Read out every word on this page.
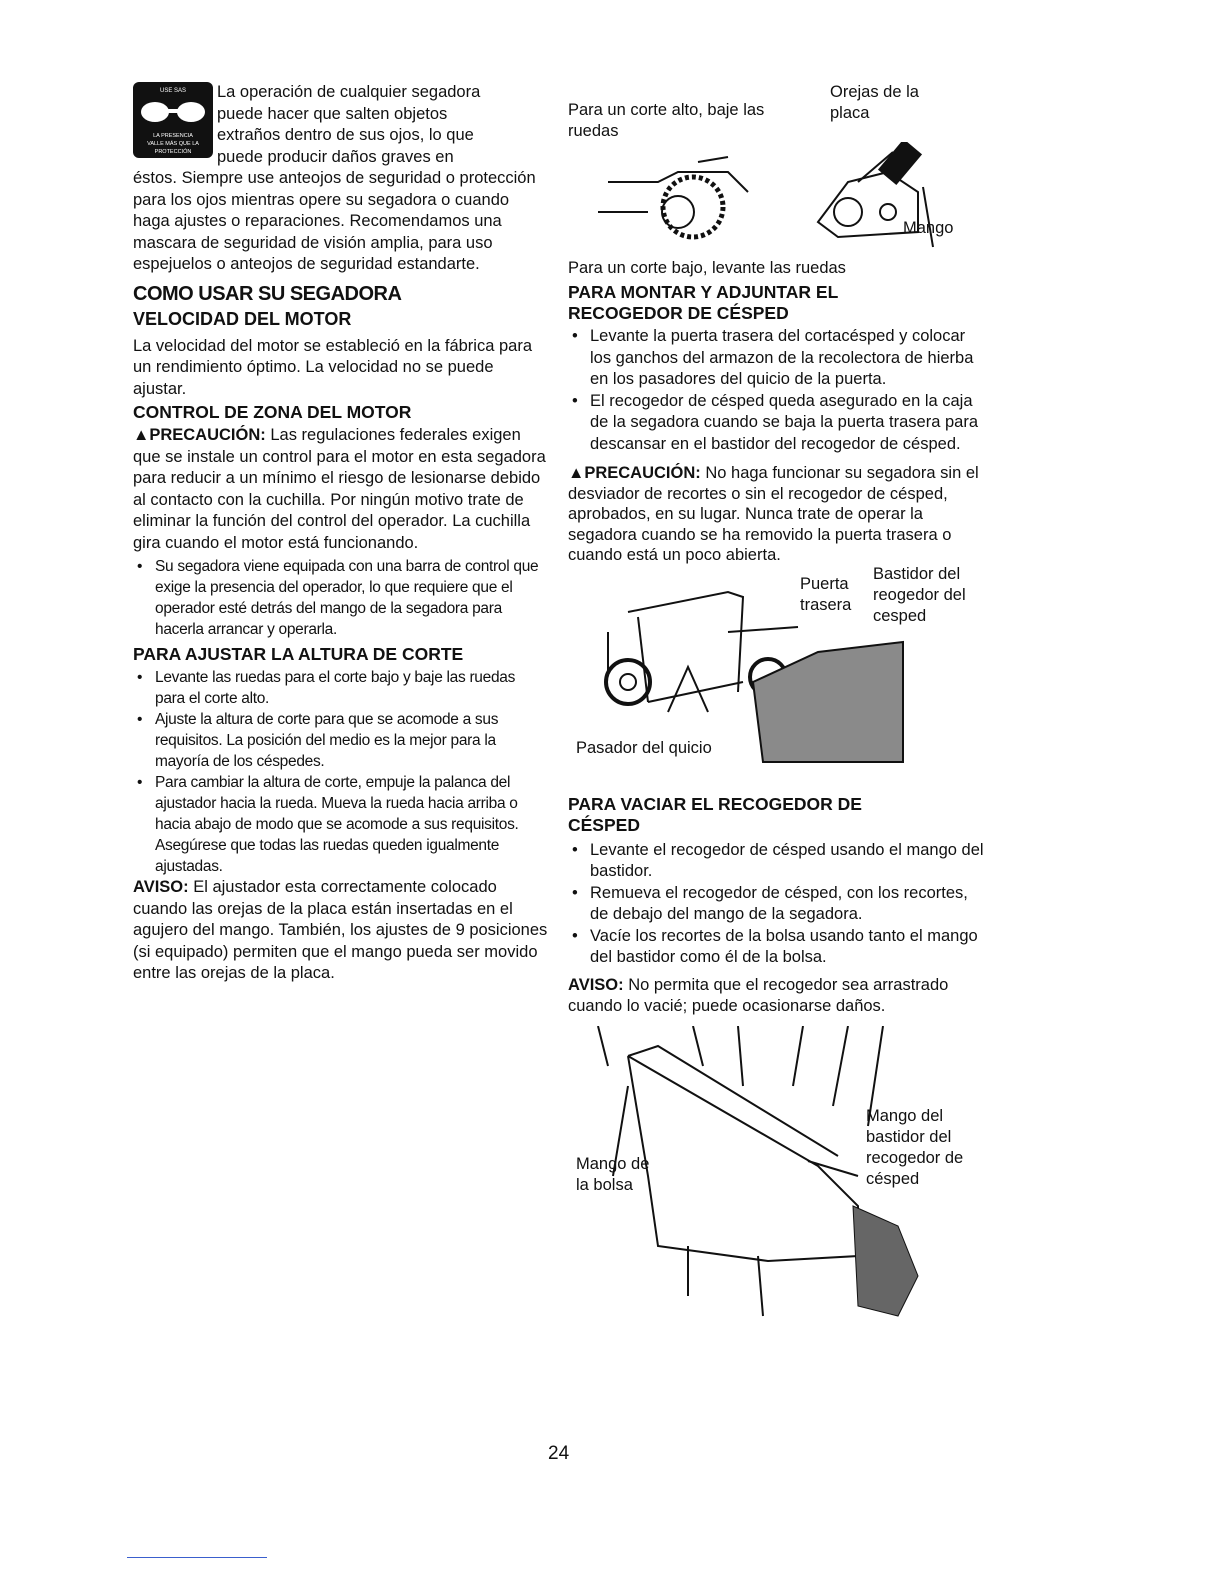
USE SAS
LA PRESENCIA
VALLE MÁS QUE LA
PROTECCIÓN

La operación de cualquier segadora
puede hacer que salten objetos
extraños dentro de sus ojos, lo que
puede producir daños graves en
éstos. Siempre use anteojos de seguridad o protección para los ojos mientras opere su segadora o cuando haga ajustes o reparaciones. Recomendamos una mascara de seguridad de visión amplia, para uso espejuelos o anteojos de seguridad estandarte.

COMO USAR SU SEGADORA
VELOCIDAD DEL MOTOR

La velocidad del motor se estableció en la fábrica para un rendimiento óptimo. La velocidad no se puede ajustar.

CONTROL DE ZONA DEL MOTOR

▲PRECAUCIÓN: Las regulaciones federales exigen que se instale un control para el motor en esta segadora para reducir a un mínimo el riesgo de lesionarse debido al contacto con la cuchilla. Por ningún motivo trate de eliminar la función del control del operador. La cuchilla gira cuando el motor está funcionando.

• Su segadora viene equipada con una barra de control que exige la presencia del operador, lo que requiere que el operador esté detrás del mango de la segadora para hacerla arrancar y operarla.
PARA AJUSTAR LA ALTURA DE CORTE
• Levante las ruedas para el corte bajo y baje las ruedas para el corte alto.
• Ajuste la altura de corte para que se acomode a sus requisitos. La posición del medio es la mejor para la mayoría de los céspedes.
• Para cambiar la altura de corte, empuje la palanca del ajustador hacia la rueda. Mueva la rueda hacia arriba o hacia abajo de modo que se acomode a sus requisitos. Asegúrese que todas las ruedas queden igualmente ajustadas.

AVISO: El ajustador esta correctamente colocado cuando las orejas de la placa están insertadas en el agujero del mango. También, los ajustes de 9 posiciones (si equipado) permiten que el mango pueda ser movido entre las orejas de la placa.

Para un corte alto, baje las ruedas
Orejas de la placa
Mango
Para un corte bajo, levante las ruedas
PARA MONTAR Y ADJUNTAR EL
RECOGEDOR DE CÉSPED
• Levante la puerta trasera del cortacésped y colocar los ganchos del armazon de la recolectora de hierba en los pasadores del quicio de la puerta.
• El recogedor de césped queda asegurado en la caja de la segadora cuando se baja la puerta trasera para descansar en el bastidor del recogedor de césped.

▲PRECAUCIÓN: No haga funcionar su segadora sin el desviador de recortes o sin el recogedor de césped, aprobados, en su lugar. Nunca trate de operar la segadora cuando se ha removido la puerta trasera o cuando está un poco abierta.

Puerta trasera
Bastidor del reogedor del cesped
Pasador del quicio
PARA VACIAR EL RECOGEDOR DE
CÉSPED
• Levante el recogedor de césped usando el mango del bastidor.
• Remueva el recogedor de césped, con los recortes, de debajo del mango de la segadora.
• Vacíe los recortes de la bolsa usando tanto el mango del bastidor como él de la bolsa.

AVISO: No permita que el recogedor sea arrastrado cuando lo vacié; puede ocasionarse daños.

Mango de la bolsa
Mango del bastidor del recogedor de césped
24
